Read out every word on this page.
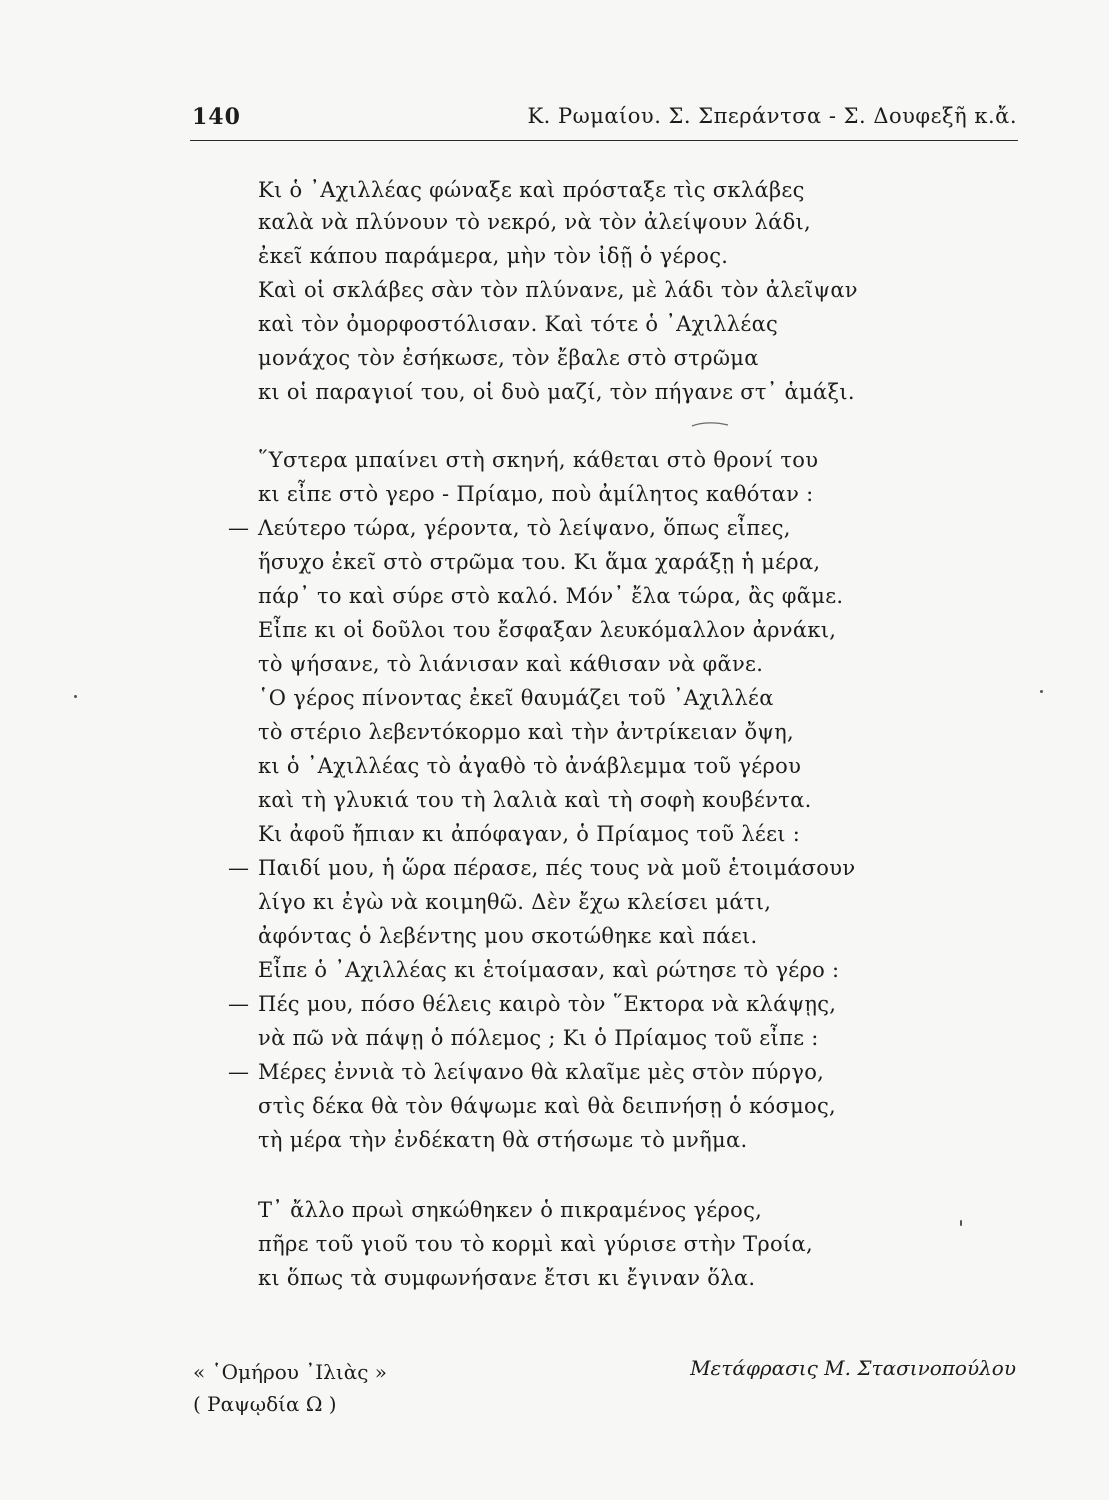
140	Κ. Ρωμαίου. Σ. Σπεράντσα - Σ. Δουφεξῆ κ.ἄ.
Κι ὁ ᾿Αχιλλέας φώναξε καὶ πρόσταξε τὶς σκλάβες
καλὰ νὰ πλύνουν τὸ νεκρό, νὰ τὸν ἀλείψουν λάδι,
ἐκεῖ κάπου παράμερα, μὴν τὸν ἰδῇ ὁ γέρος.
Καὶ οἱ σκλάβες σὰν τὸν πλύνανε, μὲ λάδι τὸν ἀλεῖψαν
καὶ τὸν ὀμορφοστόλισαν. Καὶ τότε ὁ ᾿Αχιλλέας
μονάχος τὸν ἐσήκωσε, τὸν ἔβαλε στὸ στρῶμα
κι οἱ παραγιοί του, οἱ δυὸ μαζί, τὸν πήγανε στ᾿ ἁμάξι.
῞Υστερα μπαίνει στὴ σκηνή, κάθεται στὸ θρονί του
κι εἶπε στὸ γερο - Πρίαμο, ποὺ ἀμίλητος καθόταν :
— Λεύτερο τώρα, γέροντα, τὸ λείψανο, ὅπως εἶπες,
ἥσυχο ἐκεῖ στὸ στρῶμα του. Κι ἅμα χαράξῃ ἡ μέρα,
πάρ᾿ το καὶ σύρε στὸ καλό. Μόν᾿ ἔλα τώρα, ἂς φᾶμε.
Εἶπε κι οἱ δοῦλοι του ἔσφαξαν λευκόμαλλον ἀρνάκι,
τὸ ψήσανε, τὸ λιάνισαν καὶ κάθισαν νὰ φᾶνε.
῾Ο γέρος πίνοντας ἐκεῖ θαυμάζει τοῦ ᾿Αχιλλέα
τὸ στέριο λεβεντόκορμο καὶ τὴν ἀντρίκειαν ὄψη,
κι ὁ ᾿Αχιλλέας τὸ ἀγαθὸ τὸ ἀνάβλεμμα τοῦ γέρου
καὶ τὴ γλυκιά του τὴ λαλιὰ καὶ τὴ σοφὴ κουβέντα.
Κι ἀφοῦ ἤπιαν κι ἀπόφαγαν, ὁ Πρίαμος τοῦ λέει :
— Παιδί μου, ἡ ὥρα πέρασε, πές τους νὰ μοῦ ἑτοιμάσουν
λίγο κι ἐγὼ νὰ κοιμηθῶ. Δὲν ἔχω κλείσει μάτι,
ἀφόντας ὁ λεβέντης μου σκοτώθηκε καὶ πάει.
Εἶπε ὁ ᾿Αχιλλέας κι ἑτοίμασαν, καὶ ρώτησε τὸ γέρο :
— Πές μου, πόσο θέλεις καιρὸ τὸν ῞Εκτορα νὰ κλάψῃς,
νὰ πῶ νὰ πάψῃ ὁ πόλεμος ; Κι ὁ Πρίαμος τοῦ εἶπε :
— Μέρες ἐννιὰ τὸ λείψανο θὰ κλαῖμε μὲς στὸν πύργο,
στὶς δέκα θὰ τὸν θάψωμε καὶ θὰ δειπνήσῃ ὁ κόσμος,
τὴ μέρα τὴν ἐνδέκατη θὰ στήσωμε τὸ μνῆμα.
Τ᾿ ἄλλο πρωὶ σηκώθηκεν ὁ πικραμένος γέρος,
πῆρε τοῦ γιοῦ του τὸ κορμὶ καὶ γύρισε στὴν Τροία,
κι ὅπως τὰ συμφωνήσανε ἔτσι κι ἔγιναν ὅλα.
« ῾Ομήρου ᾿Ιλιὰς »
( Ραψῳδία Ω )
Μετάφρασις Μ. Στασινοπούλου
